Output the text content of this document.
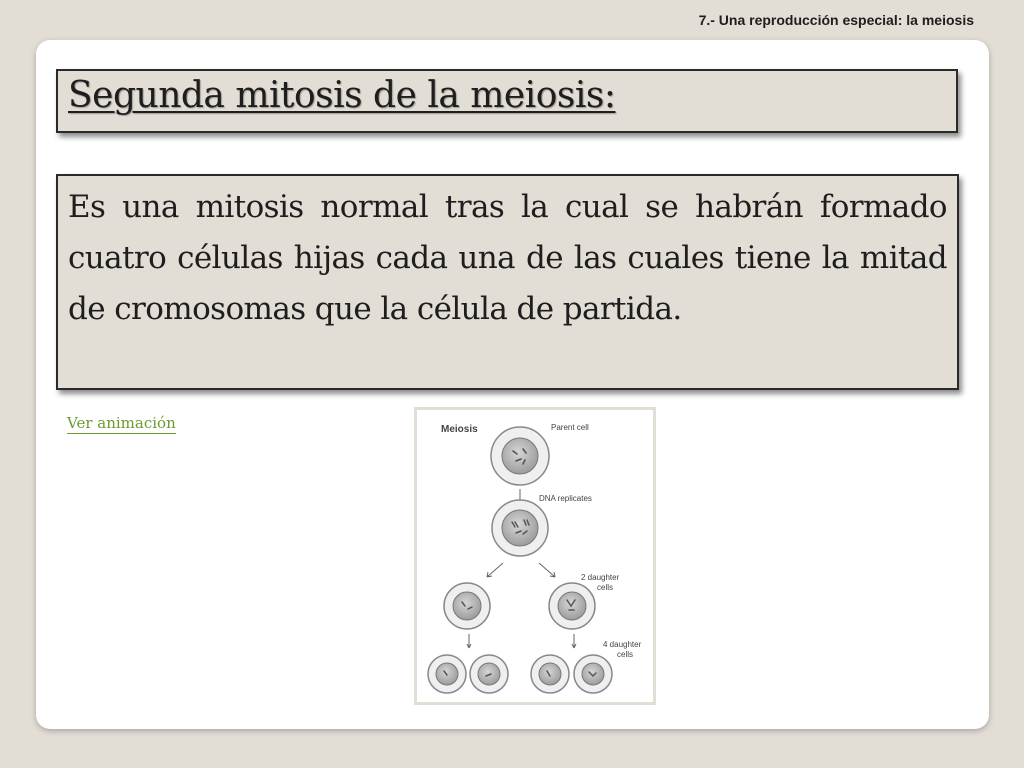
7.- Una reproducción especial: la meiosis
Segunda mitosis de la meiosis:

Es una mitosis normal tras la cual se habrán formado cuatro células hijas cada una de las cuales tiene la mitad de cromosomas que la célula de partida.

Ver animación	Meiosis	Parent cell
DNA replicates
2 daughter
cells
4 daughter
cells
